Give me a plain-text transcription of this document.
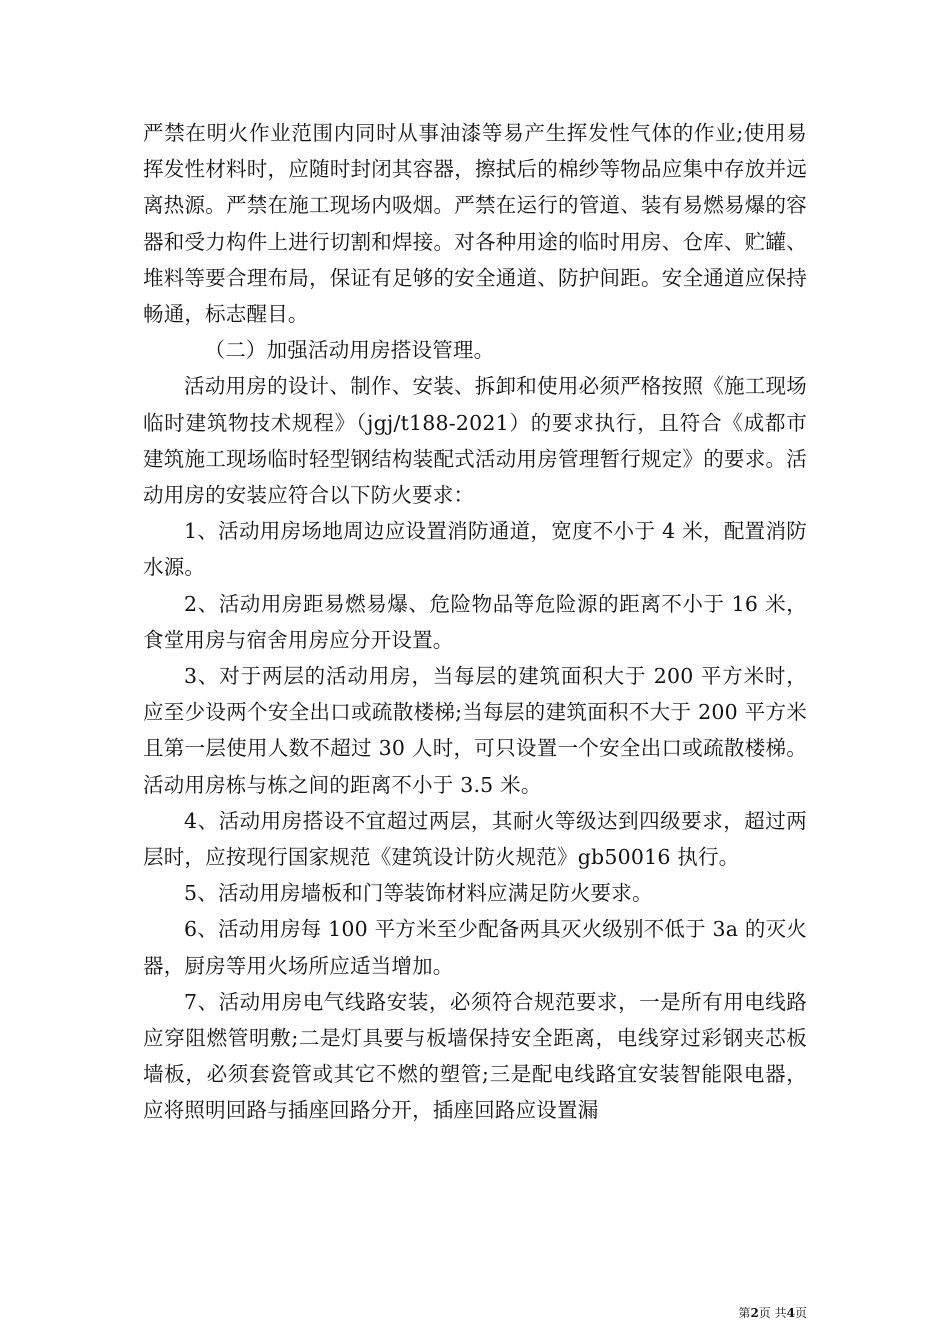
严禁在明火作业范围内同时从事油漆等易产生挥发性气体的作业;使用易挥发性材料时，应随时封闭其容器，擦拭后的棉纱等物品应集中存放并远离热源。严禁在施工现场内吸烟。严禁在运行的管道、装有易燃易爆的容器和受力构件上进行切割和焊接。对各种用途的临时用房、仓库、贮罐、堆料等要合理布局，保证有足够的安全通道、防护间距。安全通道应保持畅通，标志醒目。

（二）加强活动用房搭设管理。

活动用房的设计、制作、安装、拆卸和使用必须严格按照《施工现场临时建筑物技术规程》（jgj/t188-2021）的要求执行，且符合《成都市建筑施工现场临时轻型钢结构装配式活动用房管理暂行规定》的要求。活动用房的安装应符合以下防火要求：

1、活动用房场地周边应设置消防通道，宽度不小于 4 米，配置消防水源。

2、活动用房距易燃易爆、危险物品等危险源的距离不小于 16 米，食堂用房与宿舍用房应分开设置。

3、对于两层的活动用房，当每层的建筑面积大于 200 平方米时，应至少设两个安全出口或疏散楼梯;当每层的建筑面积不大于 200 平方米且第一层使用人数不超过 30 人时，可只设置一个安全出口或疏散楼梯。活动用房栋与栋之间的距离不小于 3.5 米。

4、活动用房搭设不宜超过两层，其耐火等级达到四级要求，超过两层时，应按现行国家规范《建筑设计防火规范》gb50016 执行。

5、活动用房墙板和门等装饰材料应满足防火要求。

6、活动用房每 100 平方米至少配备两具灭火级别不低于 3a 的灭火器，厨房等用火场所应适当增加。

7、活动用房电气线路安装，必须符合规范要求，一是所有用电线路应穿阻燃管明敷;二是灯具要与板墙保持安全距离，电线穿过彩钢夹芯板墙板，必须套瓷管或其它不燃的塑管;三是配电线路宜安装智能限电器，应将照明回路与插座回路分开，插座回路应设置漏

第2页 共4页
